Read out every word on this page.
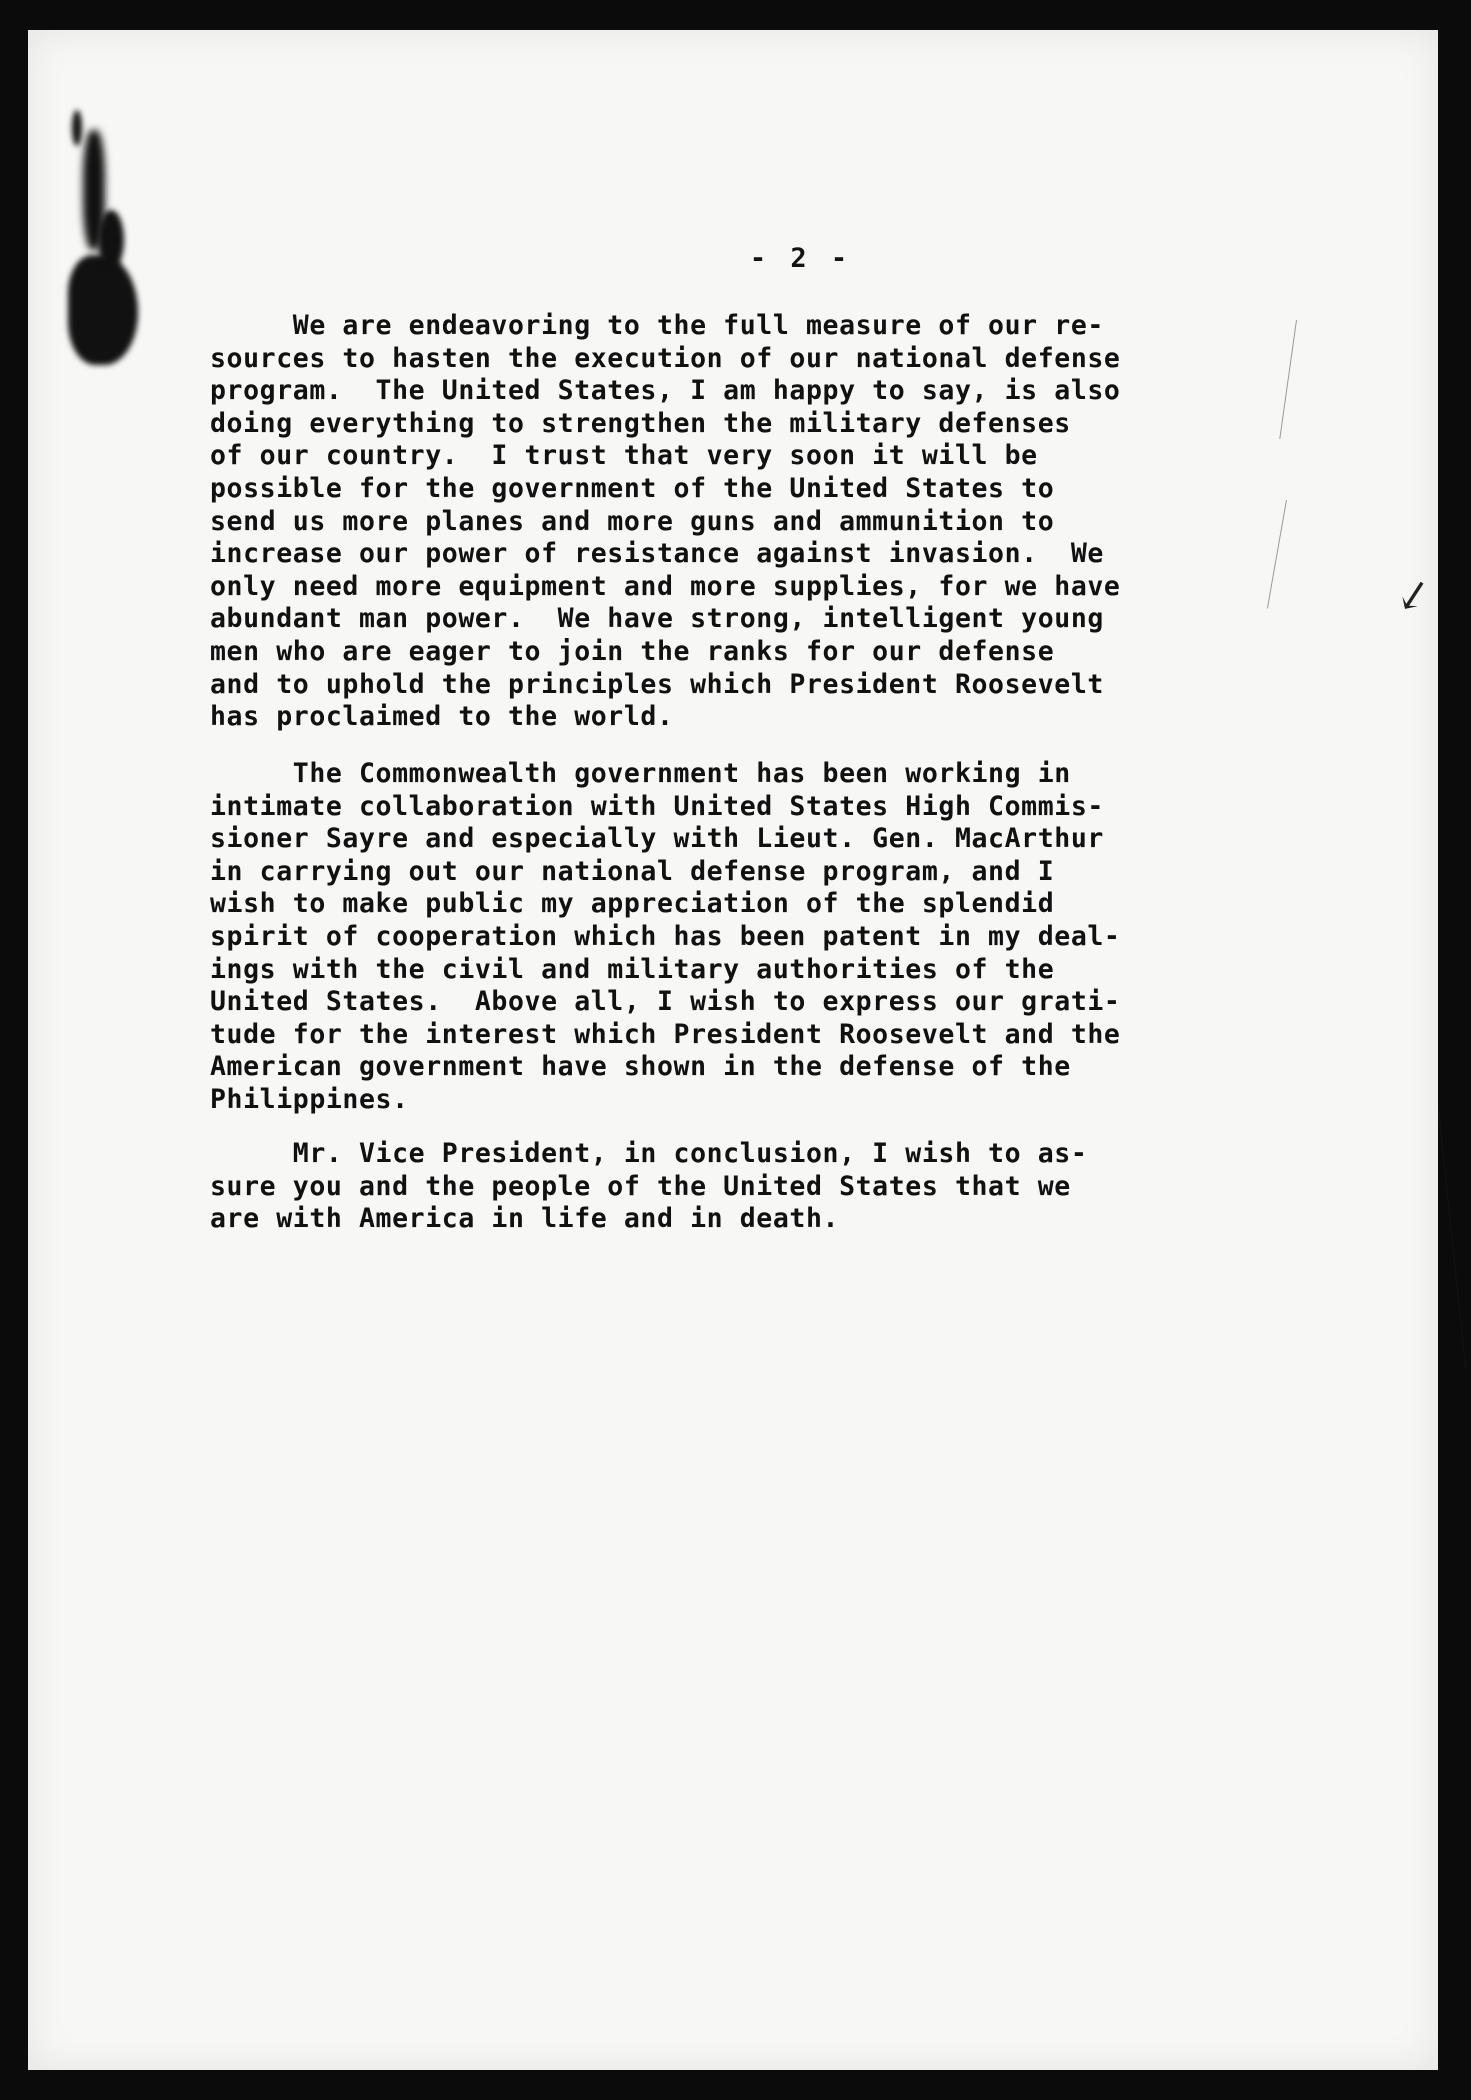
↙
- 2 -
We are endeavoring to the full measure of our re-
sources to hasten the execution of our national defense
program.  The United States, I am happy to say, is also
doing everything to strengthen the military defenses
of our country.  I trust that very soon it will be
possible for the government of the United States to
send us more planes and more guns and ammunition to
increase our power of resistance against invasion.  We
only need more equipment and more supplies, for we have
abundant man power.  We have strong, intelligent young
men who are eager to join the ranks for our defense
and to uphold the principles which President Roosevelt
has proclaimed to the world.
The Commonwealth government has been working in
intimate collaboration with United States High Commis-
sioner Sayre and especially with Lieut. Gen. MacArthur
in carrying out our national defense program, and I
wish to make public my appreciation of the splendid
spirit of cooperation which has been patent in my deal-
ings with the civil and military authorities of the
United States.  Above all, I wish to express our grati-
tude for the interest which President Roosevelt and the
American government have shown in the defense of the
Philippines.
Mr. Vice President, in conclusion, I wish to as-
sure you and the people of the United States that we
are with America in life and in death.
